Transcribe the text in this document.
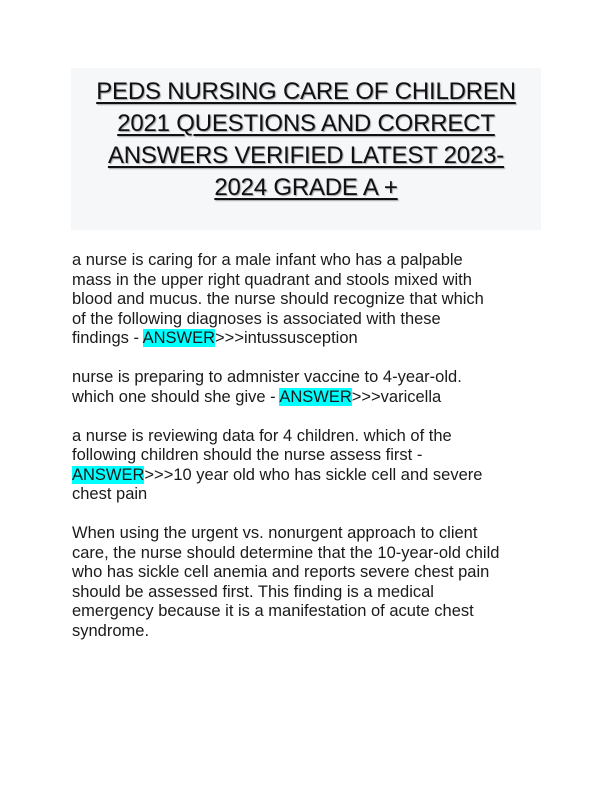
PEDS NURSING CARE OF CHILDREN
2021 QUESTIONS AND CORRECT
ANSWERS VERIFIED LATEST 2023-
2024 GRADE A +
a nurse is caring for a male infant who has a palpable
mass in the upper right quadrant and stools mixed with
blood and mucus. the nurse should recognize that which
of the following diagnoses is associated with these
findings - ANSWER>>>intussusception
nurse is preparing to admnister vaccine to 4-year-old.
which one should she give - ANSWER>>>varicella
a nurse is reviewing data for 4 children. which of the
following children should the nurse assess first -
ANSWER>>>10 year old who has sickle cell and severe
chest pain
When using the urgent vs. nonurgent approach to client
care, the nurse should determine that the 10-year-old child
who has sickle cell anemia and reports severe chest pain
should be assessed first. This finding is a medical
emergency because it is a manifestation of acute chest
syndrome.
